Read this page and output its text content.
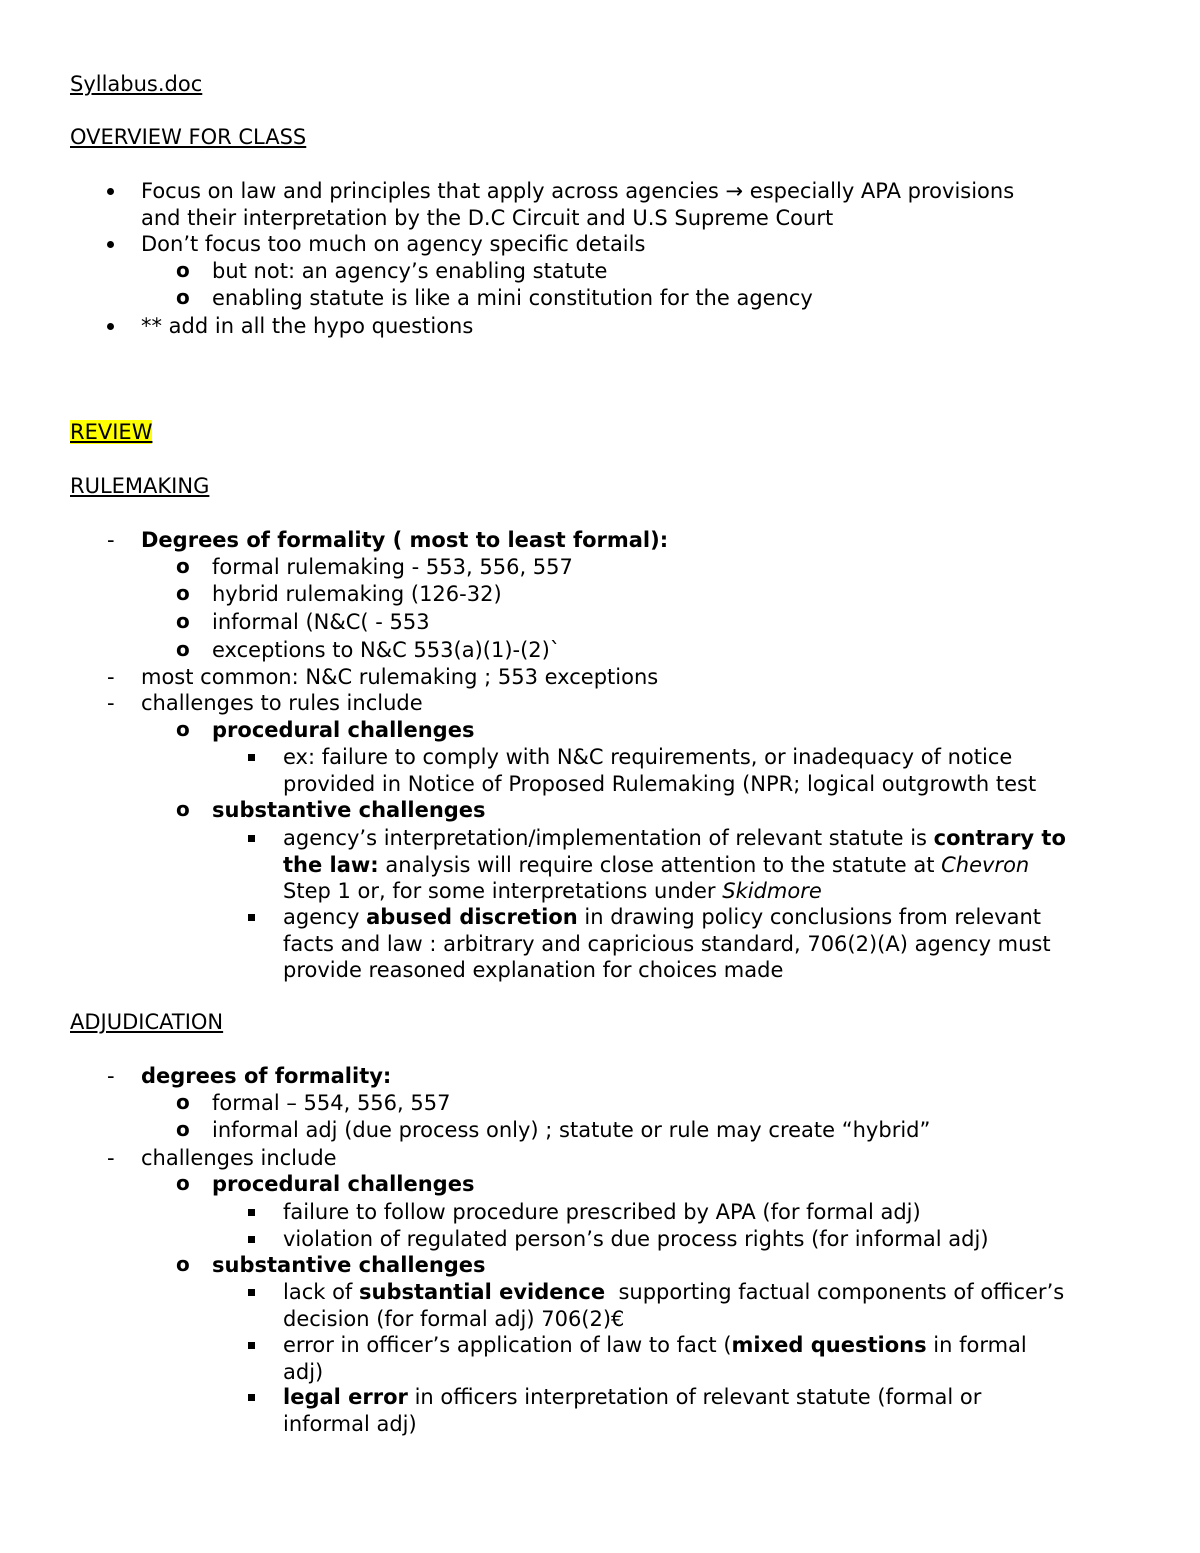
Syllabus.doc
OVERVIEW FOR CLASS
Focus on law and principles that apply across agencies → especially APA provisions
and their interpretation by the D.C Circuit and U.S Supreme Court
Don’t focus too much on agency specific details
but not: an agency’s enabling statute
enabling statute is like a mini constitution for the agency
** add in all the hypo questions
REVIEW
RULEMAKING
Degrees of formality ( most to least formal):
formal rulemaking - 553, 556, 557
hybrid rulemaking (126-32)
informal (N&C( - 553
exceptions to N&C 553(a)(1)-(2)`
most common: N&C rulemaking ; 553 exceptions
challenges to rules include
procedural challenges
ex: failure to comply with N&C requirements, or inadequacy of notice
provided in Notice of Proposed Rulemaking (NPR; logical outgrowth test
substantive challenges
agency’s interpretation/implementation of relevant statute is contrary to
the law: analysis will require close attention to the statute at Chevron
Step 1 or, for some interpretations under Skidmore
agency abused discretion in drawing policy conclusions from relevant
facts and law : arbitrary and capricious standard, 706(2)(A) agency must
provide reasoned explanation for choices made
ADJUDICATION
degrees of formality:
formal – 554, 556, 557
informal adj (due process only) ; statute or rule may create “hybrid”
challenges include
procedural challenges
failure to follow procedure prescribed by APA (for formal adj)
violation of regulated person’s due process rights (for informal adj)
substantive challenges
lack of substantial evidence  supporting factual components of officer’s
decision (for formal adj) 706(2)€
error in officer’s application of law to fact (mixed questions in formal
adj)
legal error in officers interpretation of relevant statute (formal or
informal adj)
